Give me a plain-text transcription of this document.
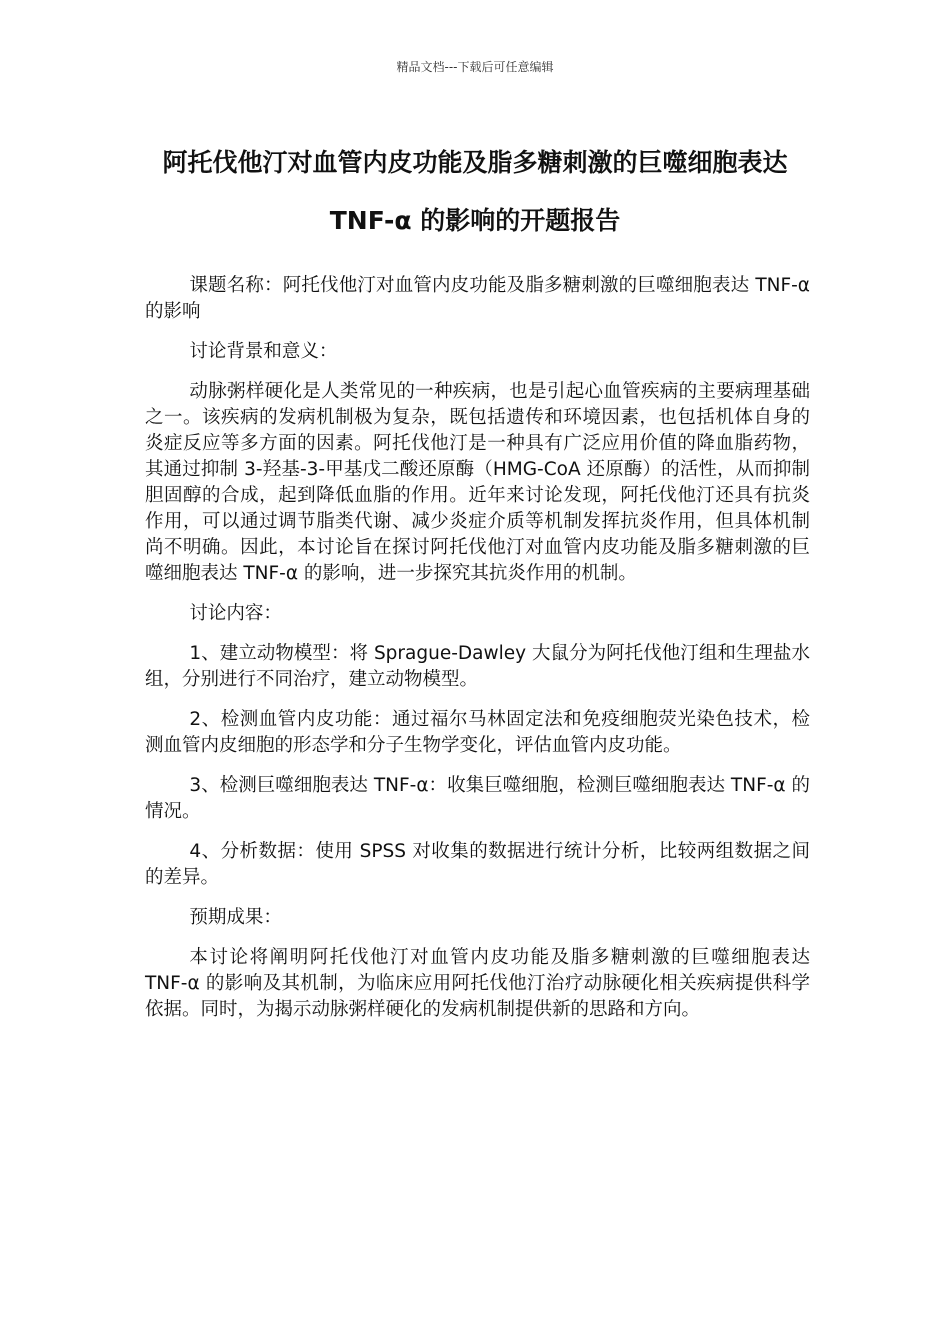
精品文档---下载后可任意编辑
阿托伐他汀对血管内皮功能及脂多糖刺激的巨噬细胞表达 TNF-α 的影响的开题报告

课题名称：阿托伐他汀对血管内皮功能及脂多糖刺激的巨噬细胞表达 TNF-α 的影响

讨论背景和意义：

动脉粥样硬化是人类常见的一种疾病，也是引起心血管疾病的主要病理基础之一。该疾病的发病机制极为复杂，既包括遗传和环境因素，也包括机体自身的炎症反应等多方面的因素。阿托伐他汀是一种具有广泛应用价值的降血脂药物，其通过抑制 3-羟基-3-甲基戊二酸还原酶（HMG-CoA 还原酶）的活性，从而抑制胆固醇的合成，起到降低血脂的作用。近年来讨论发现，阿托伐他汀还具有抗炎作用，可以通过调节脂类代谢、减少炎症介质等机制发挥抗炎作用，但具体机制尚不明确。因此，本讨论旨在探讨阿托伐他汀对血管内皮功能及脂多糖刺激的巨噬细胞表达 TNF-α 的影响，进一步探究其抗炎作用的机制。

讨论内容：

1、建立动物模型：将 Sprague-Dawley 大鼠分为阿托伐他汀组和生理盐水组，分别进行不同治疗，建立动物模型。

2、检测血管内皮功能：通过福尔马林固定法和免疫细胞荧光染色技术，检测血管内皮细胞的形态学和分子生物学变化，评估血管内皮功能。

3、检测巨噬细胞表达 TNF-α：收集巨噬细胞，检测巨噬细胞表达 TNF-α 的情况。

4、分析数据：使用 SPSS 对收集的数据进行统计分析，比较两组数据之间的差异。

预期成果：

本讨论将阐明阿托伐他汀对血管内皮功能及脂多糖刺激的巨噬细胞表达 TNF-α 的影响及其机制，为临床应用阿托伐他汀治疗动脉硬化相关疾病提供科学依据。同时，为揭示动脉粥样硬化的发病机制提供新的思路和方向。
